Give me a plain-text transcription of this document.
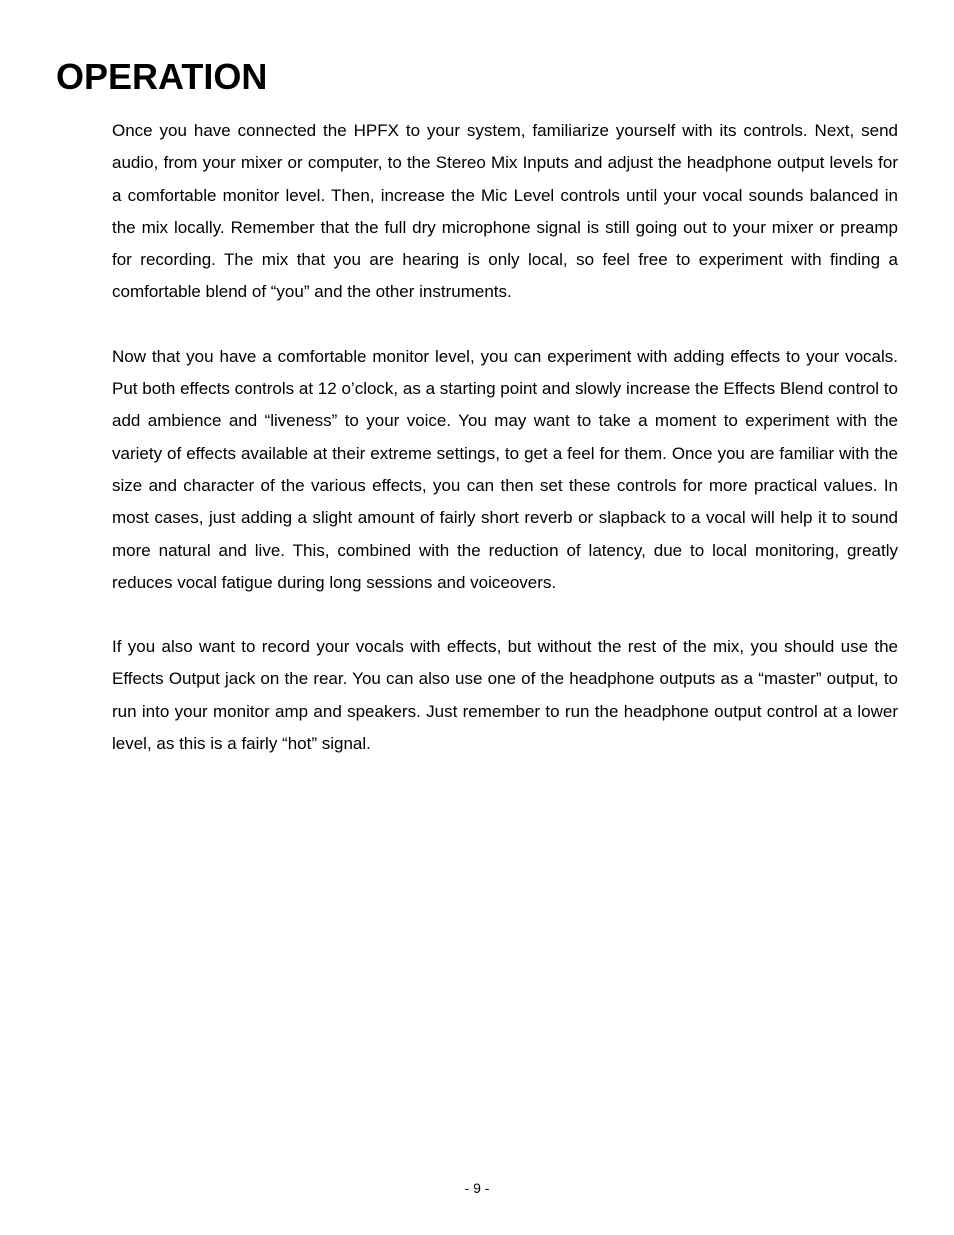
OPERATION

Once you have connected the HPFX to your system, familiarize yourself with its controls. Next, send audio, from your mixer or computer, to the Stereo Mix Inputs and adjust the headphone output levels for a comfortable monitor level. Then, increase the Mic Level controls until your vocal sounds balanced in the mix locally. Remember that the full dry microphone signal is still going out to your mixer or preamp for recording. The mix that you are hearing is only local, so feel free to experiment with finding a comfortable blend of “you” and the other instruments.

Now that you have a comfortable monitor level, you can experiment with adding effects to your vocals. Put both effects controls at 12 o’clock, as a starting point and slowly increase the Effects Blend control to add ambience and “liveness” to your voice. You may want to take a moment to experiment with the variety of effects available at their extreme settings, to get a feel for them. Once you are familiar with the size and character of the various effects, you can then set these controls for more practical values. In most cases, just adding a slight amount of fairly short reverb or slapback to a vocal will help it to sound more natural and live. This, combined with the reduction of latency, due to local monitoring, greatly reduces vocal fatigue during long sessions and voiceovers.

If you also want to record your vocals with effects, but without the rest of the mix, you should use the Effects Output jack on the rear. You can also use one of the headphone outputs as a “master” output, to run into your monitor amp and speakers. Just remember to run the headphone output control at a lower level, as this is a fairly “hot” signal.

- 9 -
